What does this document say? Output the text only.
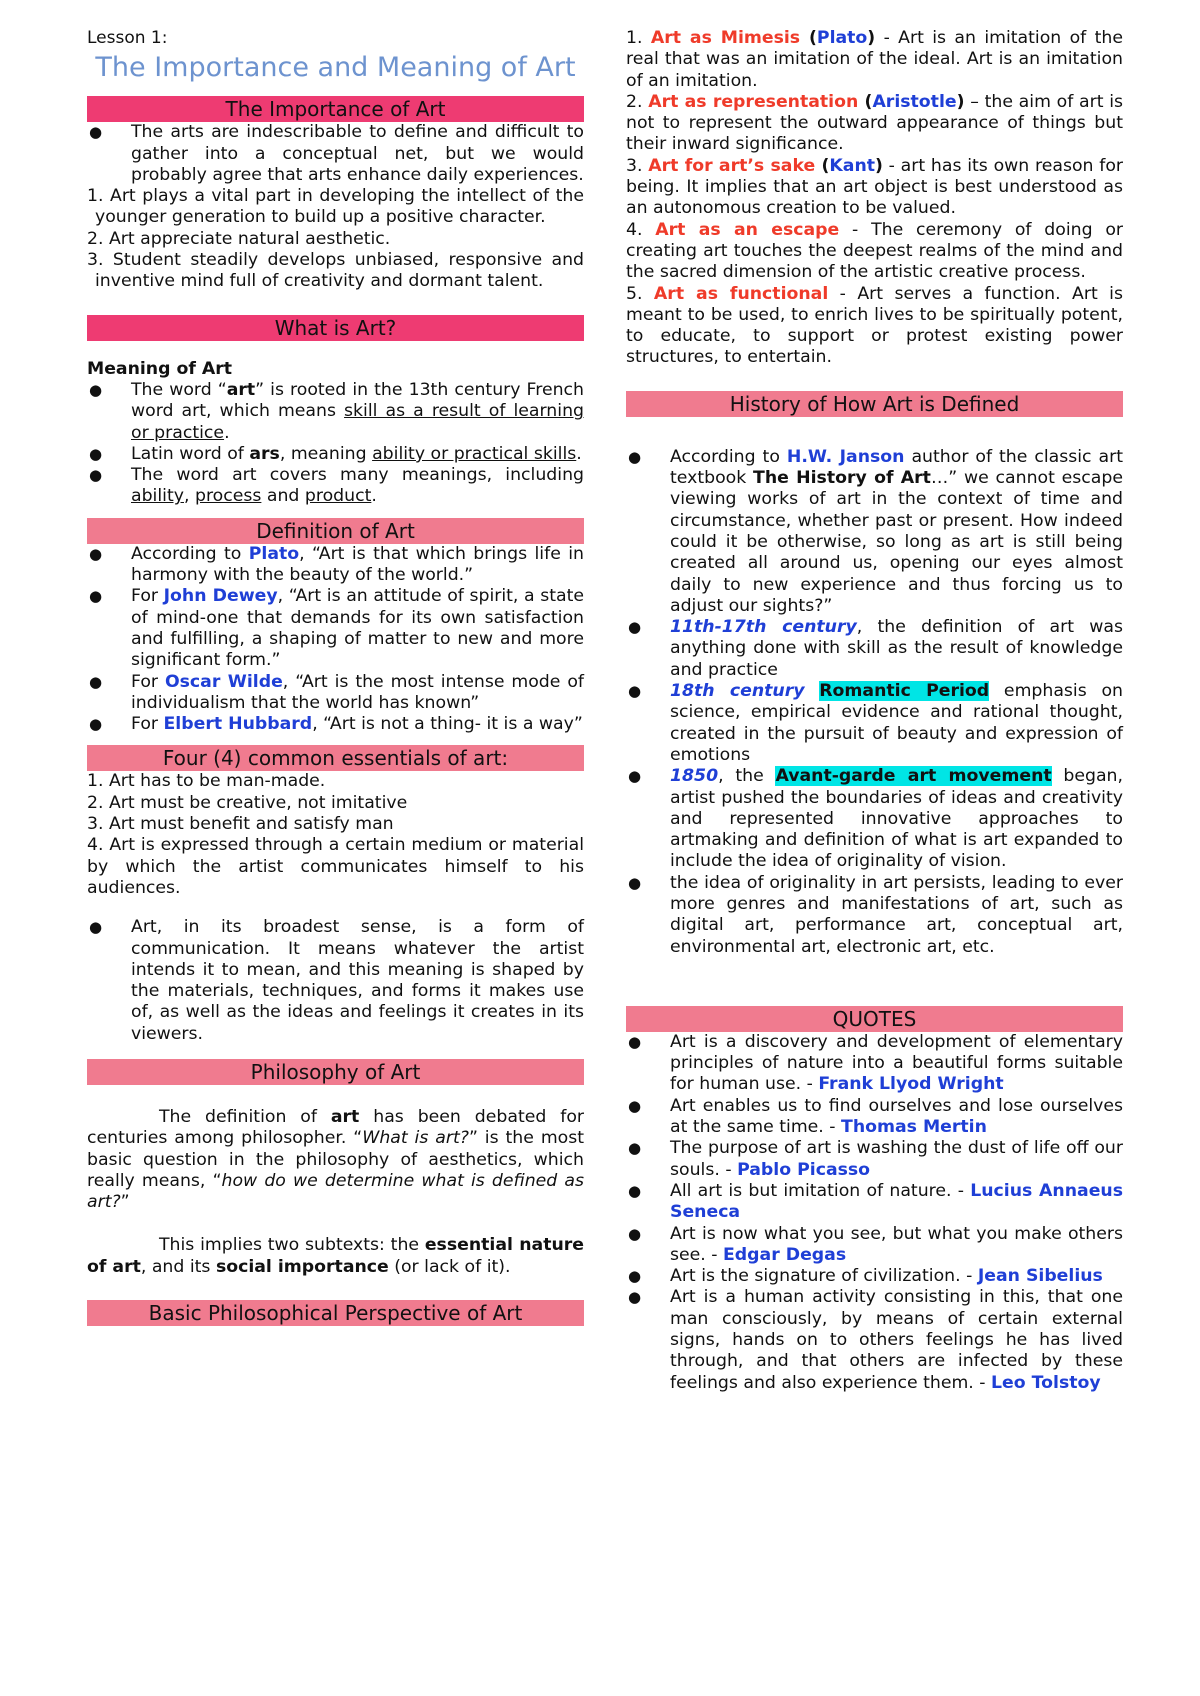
Lesson 1:
The Importance and Meaning of Art
The Importance of Art
● The arts are indescribable to define and difficult to gather into a conceptual net, but we would probably agree that arts enhance daily experiences.

1. Art plays a vital part in developing the intellect of the younger generation to build up a positive character.

2. Art appreciate natural aesthetic.

3. Student steadily develops unbiased, responsive and inventive mind full of creativity and dormant talent.

What is Art?

Meaning of Art

● The word “art” is rooted in the 13th century French word art, which means skill as a result of learning or practice.
● Latin word of ars, meaning ability or practical skills.
● The word art covers many meanings, including ability, process and product.
Definition of Art
● According to Plato, “Art is that which brings life in harmony with the beauty of the world.”
● For John Dewey, “Art is an attitude of spirit, a state of mind-one that demands for its own satisfaction and fulfilling, a shaping of matter to new and more significant form.”
● For Oscar Wilde, “Art is the most intense mode of individualism that the world has known”
● For Elbert Hubbard, “Art is not a thing- it is a way”
Four (4) common essentials of art:

1. Art has to be man-made.

2. Art must be creative, not imitative

3. Art must benefit and satisfy man

4. Art is expressed through a certain medium or material by which the artist communicates himself to his audiences.

● Art, in its broadest sense, is a form of communication. It means whatever the artist intends it to mean, and this meaning is shaped by the materials, techniques, and forms it makes use of, as well as the ideas and feelings it creates in its viewers.
Philosophy of Art

The definition of art has been debated for centuries among philosopher. “What is art?” is the most basic question in the philosophy of aesthetics, which really means, “how do we determine what is defined as art?”

This implies two subtexts: the essential nature of art, and its social importance (or lack of it).

Basic Philosophical Perspective of Art

1. Art as Mimesis (Plato) - Art is an imitation of the real that was an imitation of the ideal. Art is an imitation of an imitation.

2. Art as representation (Aristotle) – the aim of art is not to represent the outward appearance of things but their inward significance.

3. Art for art’s sake (Kant) - art has its own reason for being. It implies that an art object is best understood as an autonomous creation to be valued.

4. Art as an escape - The ceremony of doing or creating art touches the deepest realms of the mind and the sacred dimension of the artistic creative process.

5. Art as functional - Art serves a function. Art is meant to be used, to enrich lives to be spiritually potent, to educate, to support or protest existing power structures, to entertain.

History of How Art is Defined
● According to H.W. Janson author of the classic art textbook The History of Art…” we cannot escape viewing works of art in the context of time and circumstance, whether past or present. How indeed could it be otherwise, so long as art is still being created all around us, opening our eyes almost daily to new experience and thus forcing us to adjust our sights?”
● 11th-17th century, the definition of art was anything done with skill as the result of knowledge and practice
● 18th century Romantic Period emphasis on science, empirical evidence and rational thought, created in the pursuit of beauty and expression of emotions
● 1850, the Avant-garde art movement began, artist pushed the boundaries of ideas and creativity and represented innovative approaches to artmaking and definition of what is art expanded to include the idea of originality of vision.
● the idea of originality in art persists, leading to ever more genres and manifestations of art, such as digital art, performance art, conceptual art, environmental art, electronic art, etc.
QUOTES
● Art is a discovery and development of elementary principles of nature into a beautiful forms suitable for human use. - Frank Llyod Wright
● Art enables us to find ourselves and lose ourselves at the same time. - Thomas Mertin
● The purpose of art is washing the dust of life off our souls. - Pablo Picasso
● All art is but imitation of nature. - Lucius Annaeus Seneca
● Art is now what you see, but what you make others see. - Edgar Degas
● Art is the signature of civilization. - Jean Sibelius
● Art is a human activity consisting in this, that one man consciously, by means of certain external signs, hands on to others feelings he has lived through, and that others are infected by these feelings and also experience them. - Leo Tolstoy
